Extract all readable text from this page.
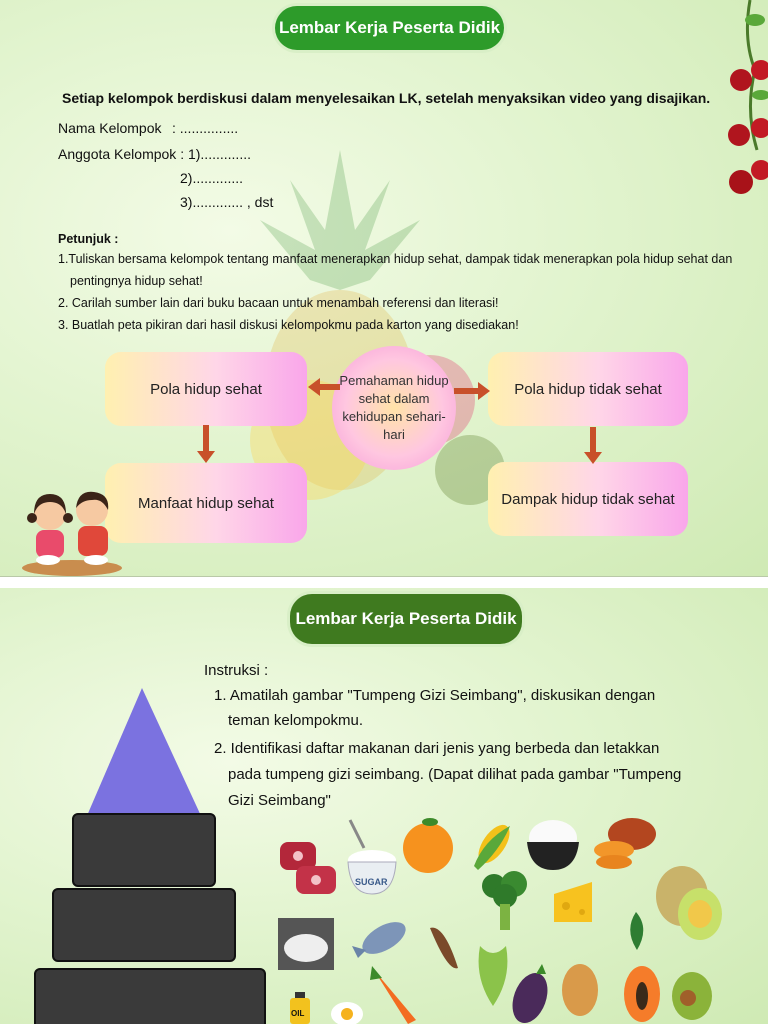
Lembar Kerja Peserta Didik
Setiap kelompok berdiskusi dalam menyelesaikan LK, setelah menyaksikan video yang disajikan.
Nama Kelompok : ...............
Anggota Kelompok : 1).............
2).............
3)............. , dst
Petunjuk :
1.Tuliskan bersama kelompok tentang manfaat menerapkan hidup sehat, dampak tidak menerapkan pola hidup sehat dan
pentingnya hidup sehat!
2. Carilah sumber lain dari buku bacaan untuk menambah referensi dan literasi!
3. Buatlah peta pikiran dari hasil diskusi kelompokmu pada karton yang disediakan!
Pola hidup sehat
Manfaat hidup sehat
Pola hidup tidak sehat
Dampak hidup tidak sehat
Pemahaman hidup sehat dalam kehidupan sehari-hari
Lembar Kerja Peserta Didik
Instruksi :
1. Amatilah gambar "Tumpeng Gizi Seimbang", diskusikan dengan
teman kelompokmu.
2. Identifikasi daftar makanan dari jenis yang berbeda dan letakkan
pada tumpeng gizi seimbang. (Dapat dilihat pada gambar "Tumpeng
Gizi Seimbang"
SUGAR
OIL
